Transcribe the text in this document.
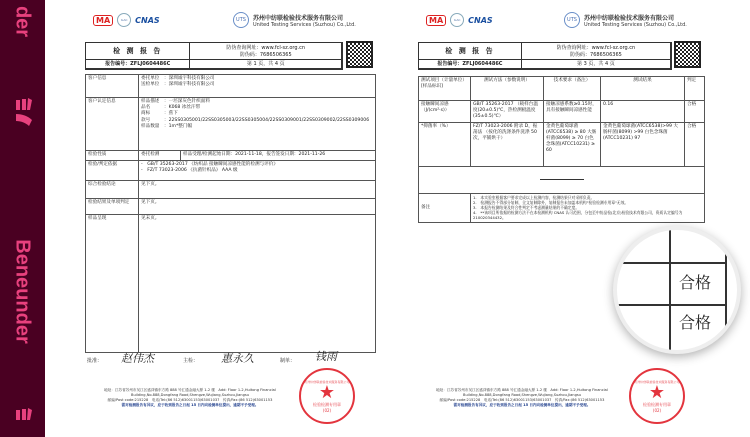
der
Beneunder
MA	ILAC CNAS	UTS	苏州中纺联检验技术服务有限公司
United Testing Services (Suzhou) Co.,Ltd.
检 测 报 告	防伪查询网址：www.fcl-sz.org.cn
防伪码：7686506365
报告编号：ZFLJ0604486C	第 1 页，共 4 页
客户信息	委托单位　：深圳诚宇科技有限公司
送检单位　：深圳诚宇科技有限公司	

客户认定信息	样品描述　：一坯深灰色针织面料
品名　　　：K068 冰丝汗带
商标　　　：蕉下
款号　　　：22SS0305001/22SS0305003/22SS0305004/22SS0309001/22SS0309002/22SS0309006
样品数量　：1m*整门幅	

检验性质	委托检测	样品受理/检测起始日期：2021-11-18，报告签发日期：2021-11-26
检验/判定依据	-　GB/T 35263-2017 《纺织品 接触瞬间凉感性能的检测与评价》
-　FZ/T 73023-2006 《抗菌针织品》 AAA 级	

综合检验结论	见下页。	
检验结果及单项判定	见下页。	
样品呈现	见末页。	
批准： 赵伟杰	主检： 惠永久	制单： 钱雨
地址：江苏省苏州市吴江区盛泽镇东方路 888 号汇通金融大厦 1-2 楼　Add: Floor 1-2,Huitong Financial Building,No.888,Dongfang Road,Shengze,Wujiang,Suzhou,Jiangsu
邮编/Post code:215228　电话/Tel:(86 512)63001153/63001037　传真/Fax:(86 512)63001153
需对检测报告有异议，应于收到报告之日起 15 日内向检测单位提出，逾期不予受理。
苏州中纺联检验技术服务有限公司
★
检验检测专用章
(02)
MA	ILAC CNAS	UTS	苏州中纺联检验技术服务有限公司
United Testing Services (Suzhou) Co.,Ltd.
检 测 报 告	防伪查询网址：www.fcl-sz.org.cn
防伪码：7686506365
报告编号：ZFLJ0604486C	第 3 页，共 4 页
测试项目（计量单位）[样品标识]	测试方法（参数说明）	技术要求（备注）	测试结果	判定
接触瞬间凉感（J/(cm²·s)）	GB/T 35263-2017 （载样台温度(20±0.5)℃，热检测板温度(35±0.5)℃）	接触凉感系数≥0.15时，具有接触瞬间凉感性能	0.16	合格
*抑菌率（%）	FZ/T 73023-2006 附录 D，振荡法 （按化的洗涤条件洗涤 50 次，平铺烘干）	金黄色葡萄球菌(ATCC6538) ≥ 80 大肠杆菌(8099) ≥ 70 白色念珠菌(ATCC10231) ≥ 60	金黄色葡萄球菌(ATCC6538)>99 大肠杆菌(8099) >99 白色念珠菌(ATCC10231) 97	合格

备注	1.　本实验室根据客户要求完成以上检测内容，检测结果只对采样负责。
2.　检测报告不得部分复制，全文复制除外，复制报告未加盖本机构"检验检测专用章"无效。
3.　本报告检测结果及符合性判定不考虑测量结果的不确定度。
4.　**该项目所依据的检测方法不在本检测机构 CNAS 认可范围，分包至中纺品检(北京)检验技术有限公司，资质认定编号为 210020344432。			
地址：江苏省苏州市吴江区盛泽镇东方路 888 号汇通金融大厦 1-2 楼　Add: Floor 1-2,Huitong Financial Building,No.888,Dongfang Road,Shengze,Wujiang,Suzhou,Jiangsu
邮编/Post code:215228　电话/Tel:(86 512)63001153/63001037　传真/Fax:(86 512)63001153
需对检测报告有异议，应于收到报告之日起 15 日内向检测单位提出，逾期不予受理。
苏州中纺联检验技术服务有限公司
★
检验检测专用章
(02)
合格
合格
